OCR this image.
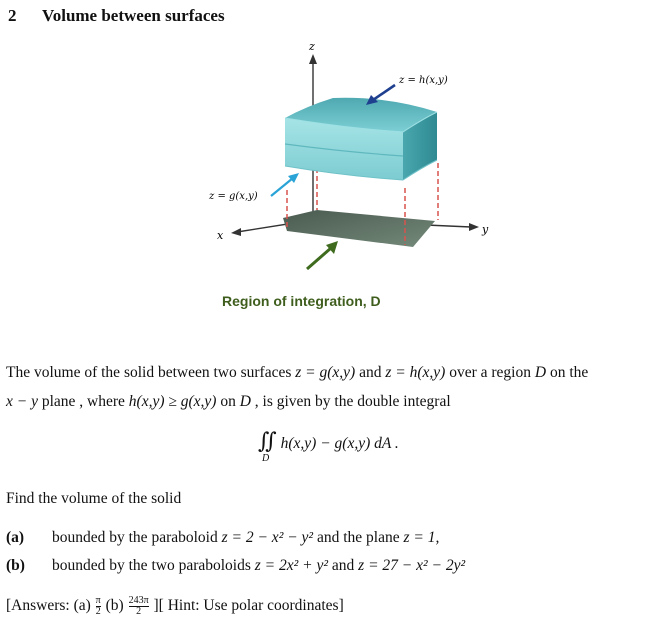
2 Volume between surfaces
z
x	y
z = h(x,y)
z = g(x,y)
Region of integration, D
The volume of the solid between two surfaces z = g(x,y) and z = h(x,y) over a region D on the
x − y plane , where h(x,y) ≥ g(x,y) on D , is given by the double integral
∬ h(x,y) − g(x,y) dA .
D
Find the volume of the solid
(a) bounded by the paraboloid z = 2 − x² − y² and the plane z = 1,
(b) bounded by the two paraboloids z = 2x² + y² and z = 27 − x² − 2y²
[Answers: $(a) \frac{\pi}{2} (b) \frac{243\pi}{2}$ ][ Hint: Use polar coordinates]
